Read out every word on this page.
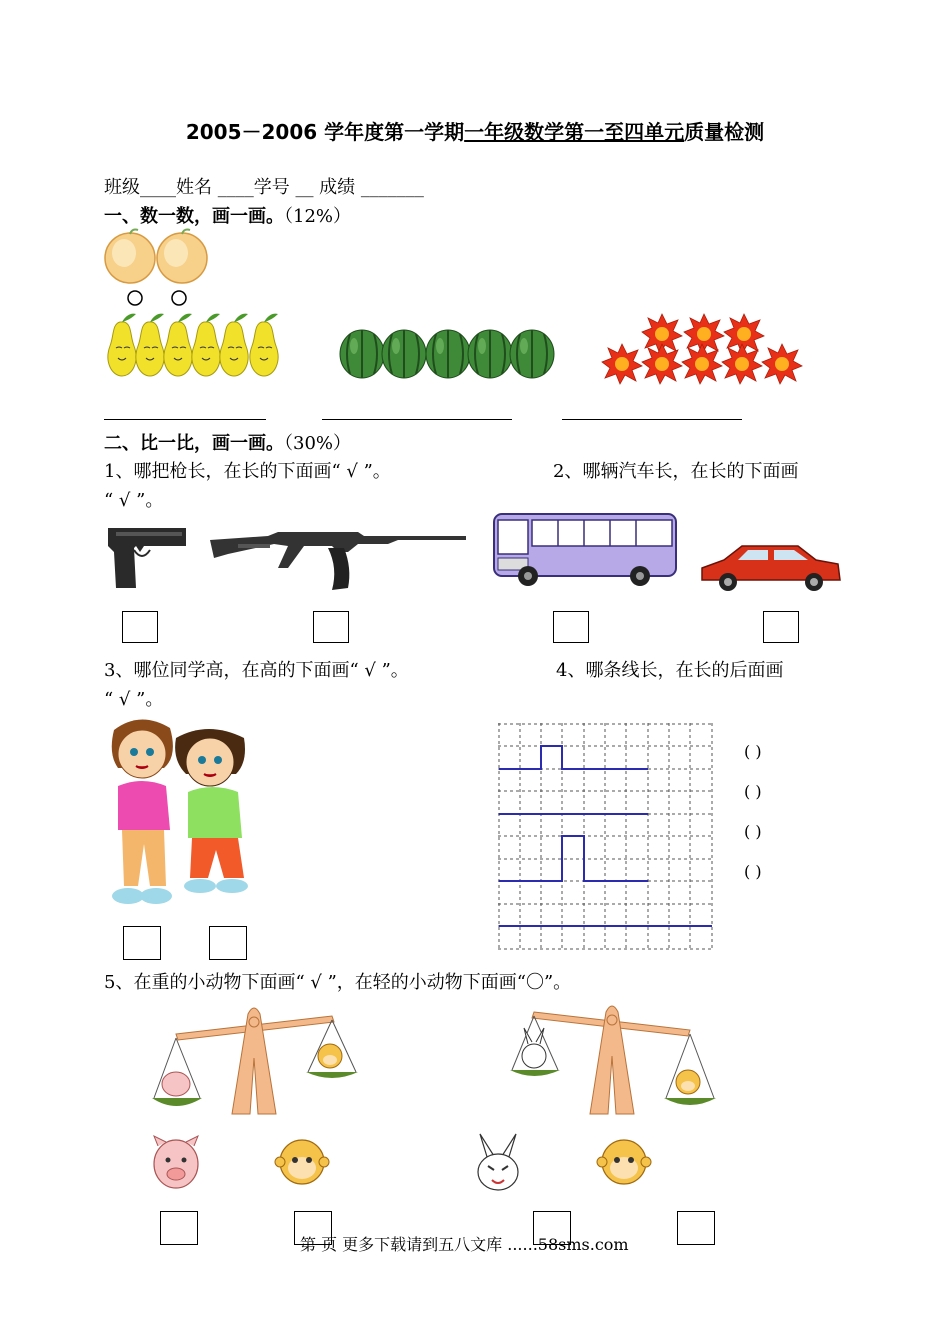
2005－2006 学年度第一学期一年级数学第一至四单元质量检测
班级____姓名 ____学号 __ 成绩 _______
一、数一数，画一画。（12%）
二、比一比，画一画。（30%）
1、哪把枪长，在长的下面画“ √ ”。	2、哪辆汽车长，在长的下面画
“ √ ”。
3、哪位同学高，在高的下面画“ √ ”。	4、哪条线长，在长的后面画
“ √ ”。
( )
( )
( )
( )
5、在重的小动物下面画“ √ ”，在轻的小动物下面画“〇”。
第 页 更多下载请到五八文库 ......58sms.com
